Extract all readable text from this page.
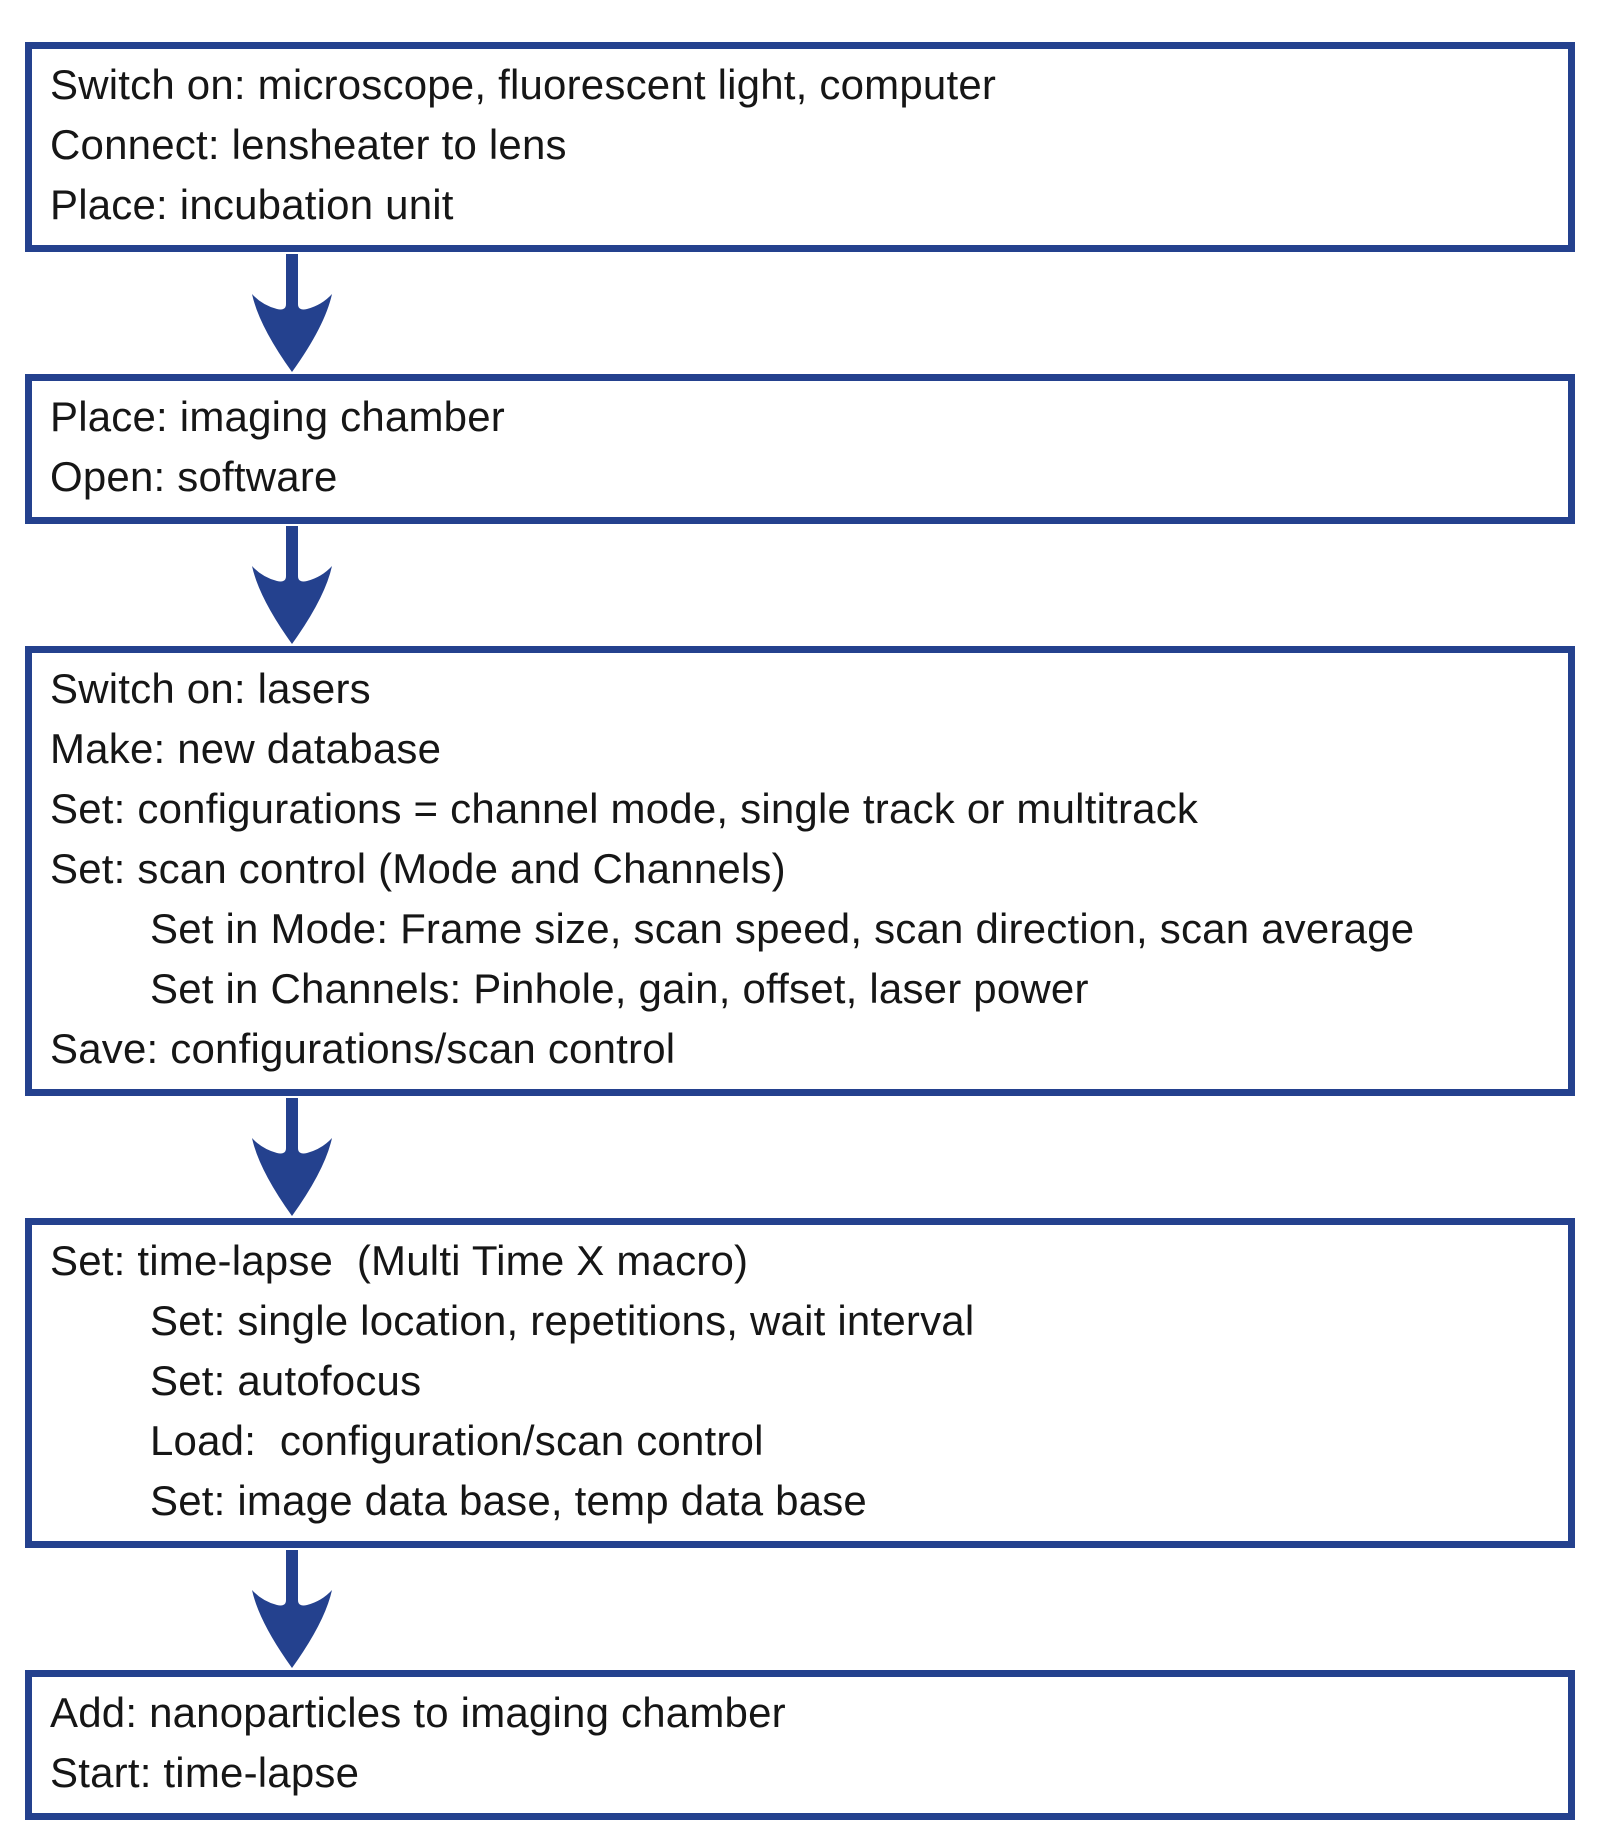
Switch on: microscope, fluorescent light, computer
Connect: lensheater to lens
Place: incubation unit
Place: imaging chamber
Open: software
Switch on: lasers
Make: new database
Set: configurations = channel mode, single track or multitrack
Set: scan control (Mode and Channels)
Set in Mode: Frame size, scan speed, scan direction, scan average
Set in Channels: Pinhole, gain, offset, laser power
Save: configurations/scan control
Set: time-lapse  (Multi Time X macro)
Set: single location, repetitions, wait interval
Set: autofocus
Load:  configuration/scan control
Set: image data base, temp data base
Add: nanoparticles to imaging chamber
Start: time-lapse
